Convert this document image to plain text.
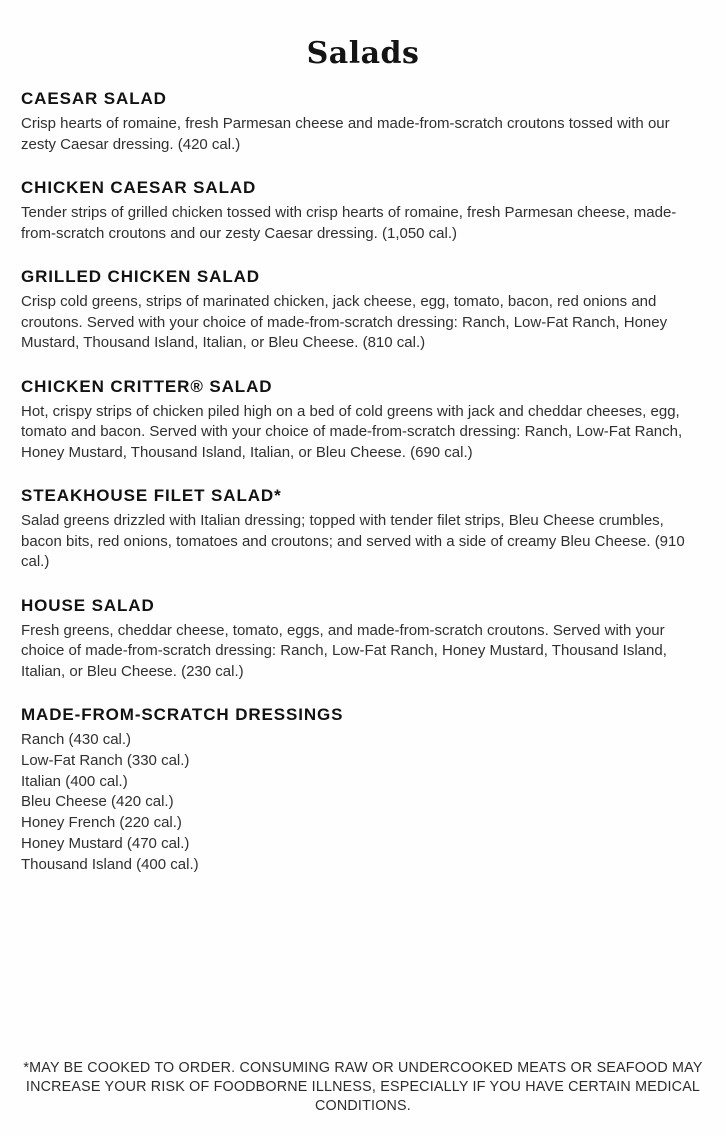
Salads
CAESAR SALAD

Crisp hearts of romaine, fresh Parmesan cheese and made-from-scratch croutons tossed with our zesty Caesar dressing. (420 cal.)

CHICKEN CAESAR SALAD

Tender strips of grilled chicken tossed with crisp hearts of romaine, fresh Parmesan cheese, made-from-scratch croutons and our zesty Caesar dressing. (1,050 cal.)

GRILLED CHICKEN SALAD

Crisp cold greens, strips of marinated chicken, jack cheese, egg, tomato, bacon, red onions and croutons. Served with your choice of made-from-scratch dressing: Ranch, Low-Fat Ranch, Honey Mustard, Thousand Island, Italian, or Bleu Cheese. (810 cal.)

CHICKEN CRITTER® SALAD

Hot, crispy strips of chicken piled high on a bed of cold greens with jack and cheddar cheeses, egg, tomato and bacon. Served with your choice of made-from-scratch dressing: Ranch, Low-Fat Ranch, Honey Mustard, Thousand Island, Italian, or Bleu Cheese. (690 cal.)

STEAKHOUSE FILET SALAD*

Salad greens drizzled with Italian dressing; topped with tender filet strips, Bleu Cheese crumbles, bacon bits, red onions, tomatoes and croutons; and served with a side of creamy Bleu Cheese. (910 cal.)

HOUSE SALAD

Fresh greens, cheddar cheese, tomato, eggs, and made-from-scratch croutons. Served with your choice of made-from-scratch dressing: Ranch, Low-Fat Ranch, Honey Mustard, Thousand Island, Italian, or Bleu Cheese. (230 cal.)

MADE-FROM-SCRATCH DRESSINGS
Ranch (430 cal.)
Low-Fat Ranch (330 cal.)
Italian (400 cal.)
Bleu Cheese (420 cal.)
Honey French (220 cal.)
Honey Mustard (470 cal.)
Thousand Island (400 cal.)

*MAY BE COOKED TO ORDER. CONSUMING RAW OR UNDERCOOKED MEATS OR SEAFOOD MAY INCREASE YOUR RISK OF FOODBORNE ILLNESS, ESPECIALLY IF YOU HAVE CERTAIN MEDICAL CONDITIONS.
